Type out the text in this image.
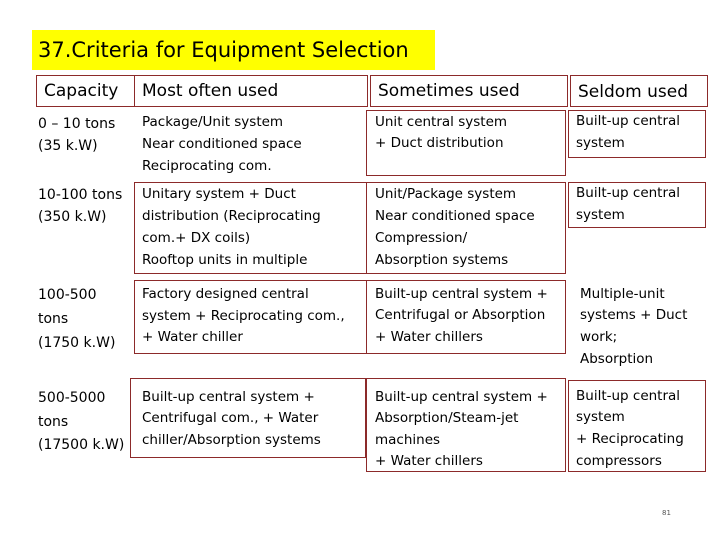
37.Criteria for Equipment Selection
Capacity Most often used	Sometimes used	Seldom used
0 – 10 tons
(35 k.W)
Package/Unit system
Near conditioned space
Reciprocating com.
Unit central system
+ Duct distribution
Built-up central
system
10-100 tons
(350 k.W)
Unitary system + Duct
distribution (Reciprocating
com.+ DX coils)
Rooftop units in multiple
Unit/Package system
Near conditioned space
Compression/
Absorption systems
Built-up central
system
100-500
tons
(1750 k.W)
Factory designed central
system + Reciprocating com.,
+ Water chiller
Built-up central system +
Centrifugal or Absorption
+ Water chillers
Multiple-unit
systems + Duct
work;
Absorption
500-5000
tons
(17500 k.W)
Built-up central system +
Centrifugal com., + Water
chiller/Absorption systems
Built-up central system +
Absorption/Steam-jet
machines
+ Water chillers
Built-up central
system
+ Reciprocating
compressors
81
